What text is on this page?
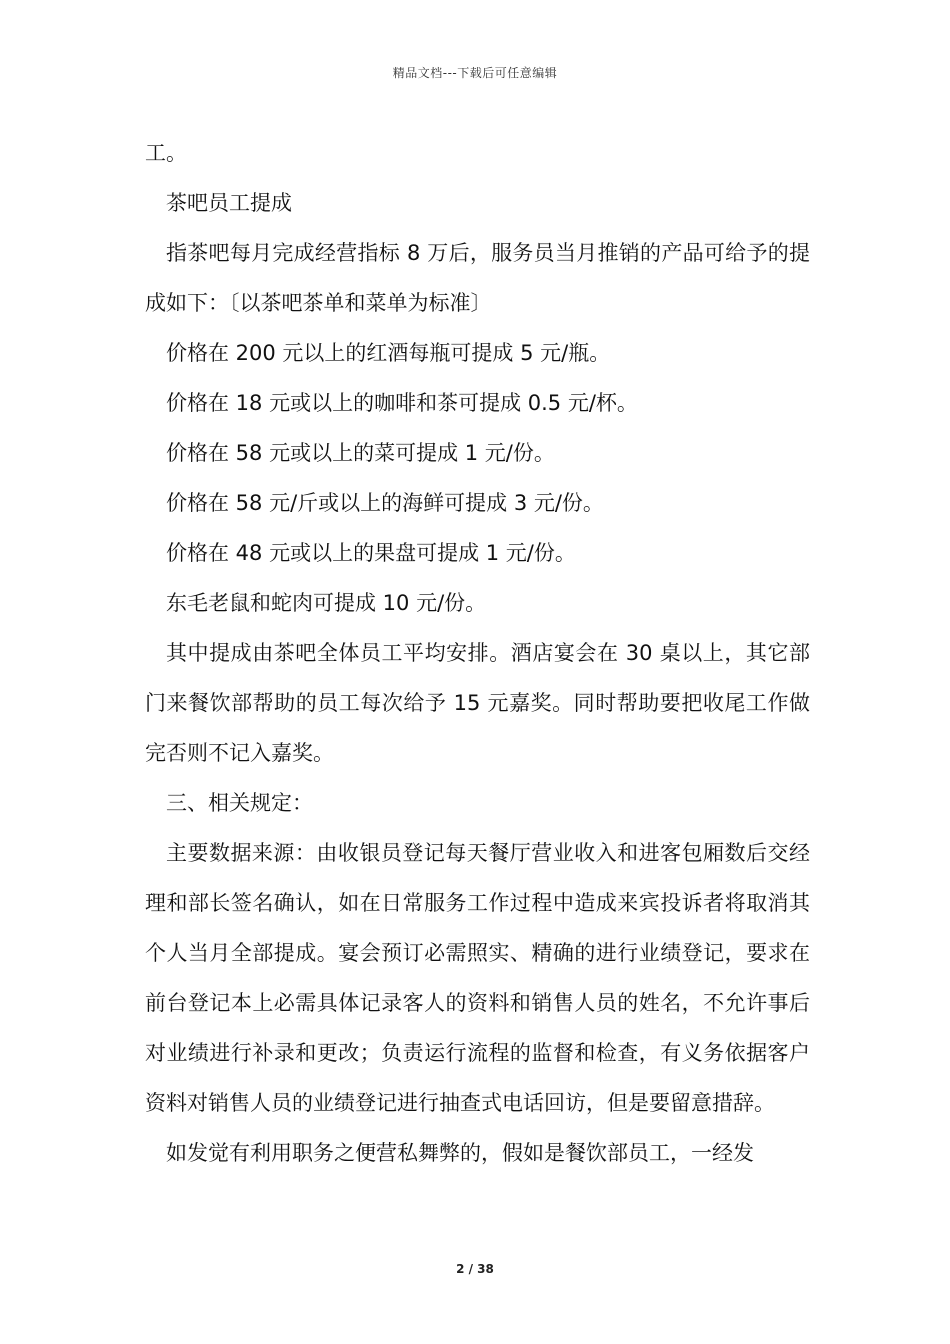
精品文档---下载后可任意编辑

工。

茶吧员工提成

指茶吧每月完成经营指标 8 万后，服务员当月推销的产品可给予的提成如下：〔以茶吧茶单和菜单为标准〕

价格在 200 元以上的红酒每瓶可提成 5 元/瓶。

价格在 18 元或以上的咖啡和茶可提成 0.5 元/杯。

价格在 58 元或以上的菜可提成 1 元/份。

价格在 58 元/斤或以上的海鲜可提成 3 元/份。

价格在 48 元或以上的果盘可提成 1 元/份。

东毛老鼠和蛇肉可提成 10 元/份。

其中提成由茶吧全体员工平均安排。酒店宴会在 30 桌以上，其它部门来餐饮部帮助的员工每次给予 15 元嘉奖。同时帮助要把收尾工作做完否则不记入嘉奖。

三、相关规定：

主要数据来源：由收银员登记每天餐厅营业收入和进客包厢数后交经理和部长签名确认，如在日常服务工作过程中造成来宾投诉者将取消其个人当月全部提成。宴会预订必需照实、精确的进行业绩登记，要求在前台登记本上必需具体记录客人的资料和销售人员的姓名，不允许事后对业绩进行补录和更改；负责运行流程的监督和检查，有义务依据客户资料对销售人员的业绩登记进行抽查式电话回访，但是要留意措辞。

如发觉有利用职务之便营私舞弊的，假如是餐饮部员工，一经发

2 / 38
